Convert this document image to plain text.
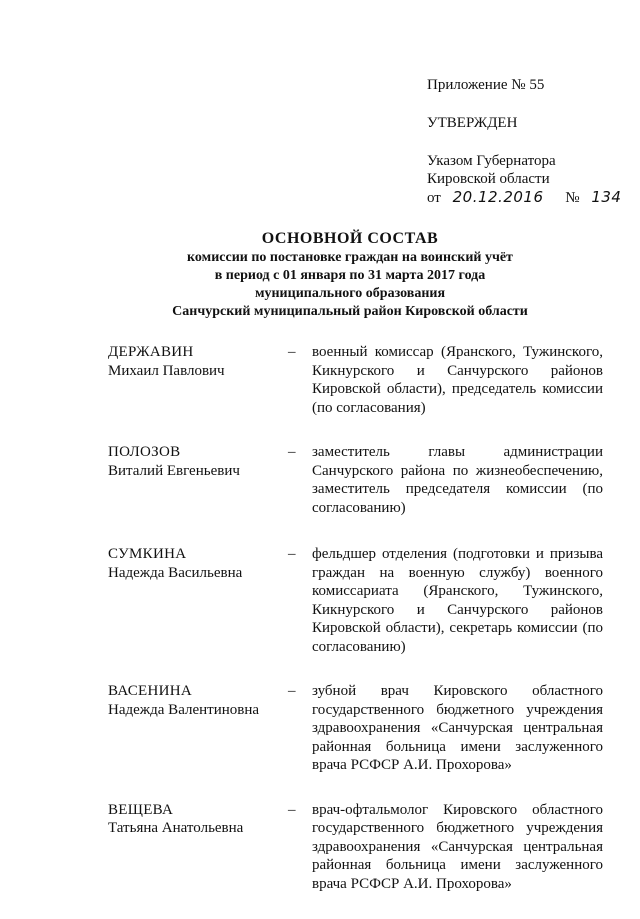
Приложение № 55
УТВЕРЖДЕН
Указом Губернатора
Кировской области
от 20.12.2016 № 134
ОСНОВНОЙ СОСТАВ
комиссии по постановке граждан на воинский учёт
в период с 01 января по 31 марта 2017 года
муниципального образования
Санчурский муниципальный район Кировской области
ДЕРЖАВИН
Михаил Павлович
–	военный комиссар (Яранского, Тужинского, Кикнурского и Санчурского районов Кировской области), председатель комиссии (по согласования)
ПОЛОЗОВ
Виталий Евгеньевич
–	заместитель главы администрации Санчурского района по жизнеобеспечению, заместитель председателя комиссии (по согласованию)
СУМКИНА
Надежда Васильевна
–	фельдшер отделения (подготовки и призыва граждан на военную службу) военного комиссариата (Яранского, Тужинского, Кикнурского и Санчурского районов Кировской области), секретарь комиссии (по согласованию)
ВАСЕНИНА
Надежда Валентиновна
–	зубной врач Кировского областного государственного бюджетного учреждения здравоохранения «Санчурская центральная районная больница имени заслуженного врача РСФСР А.И. Прохорова»
ВЕЩЕВА
Татьяна Анатольевна
–	врач-офтальмолог Кировского областного государственного бюджетного учреждения здравоохранения «Санчурская центральная районная больница имени заслуженного врача РСФСР А.И. Прохорова»
